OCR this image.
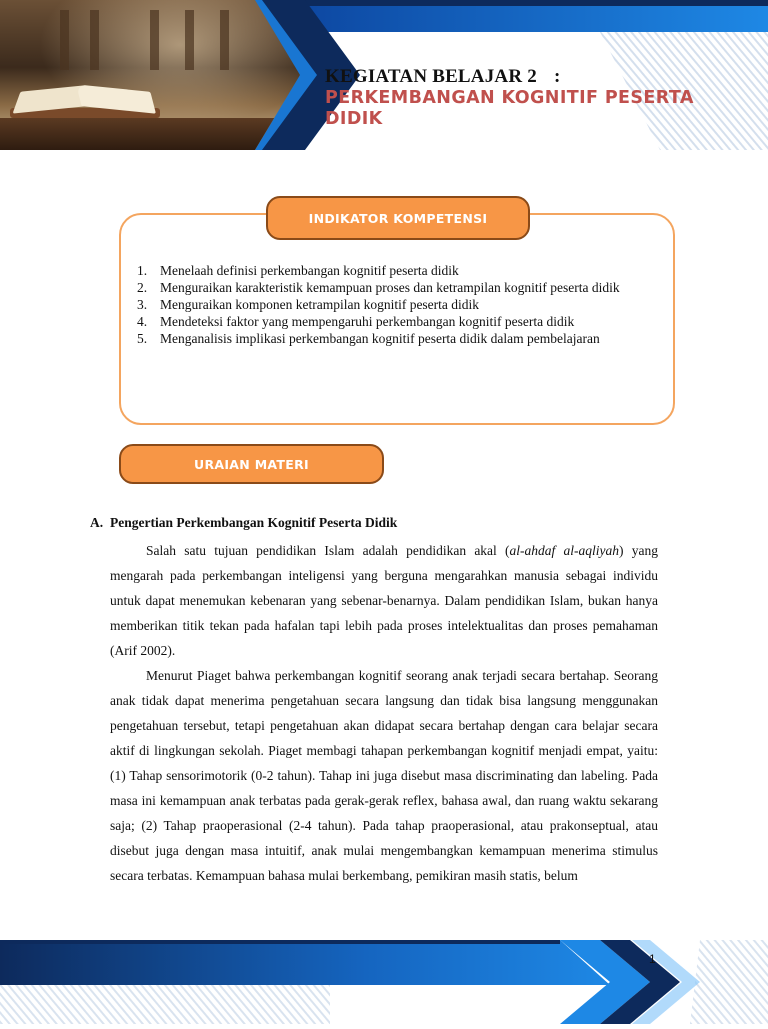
KEGIATAN BELAJAR 2 :
PERKEMBANGAN KOGNITIF PESERTA DIDIK
INDIKATOR KOMPETENSI
1. Menelaah definisi perkembangan kognitif peserta didik
2. Menguraikan karakteristik kemampuan proses dan ketrampilan kognitif peserta didik
3. Menguraikan komponen ketrampilan kognitif peserta didik
4. Mendeteksi faktor yang mempengaruhi perkembangan kognitif peserta didik
5. Menganalisis implikasi perkembangan kognitif peserta didik dalam pembelajaran
URAIAN MATERI
A. Pengertian Perkembangan Kognitif Peserta Didik

Salah satu tujuan pendidikan Islam adalah pendidikan akal (al-ahdaf al-aqliyah) yang mengarah pada perkembangan inteligensi yang berguna mengarahkan manusia sebagai individu untuk dapat menemukan kebenaran yang sebenar-benarnya. Dalam pendidikan Islam, bukan hanya memberikan titik tekan pada hafalan tapi lebih pada proses intelektualitas dan proses pemahaman (Arif 2002).

Menurut Piaget bahwa perkembangan kognitif seorang anak terjadi secara bertahap. Seorang anak tidak dapat menerima pengetahuan secara langsung dan tidak bisa langsung menggunakan pengetahuan tersebut, tetapi pengetahuan akan didapat secara bertahap dengan cara belajar secara aktif di lingkungan sekolah. Piaget membagi tahapan perkembangan kognitif menjadi empat, yaitu: (1) Tahap sensorimotorik (0-2 tahun). Tahap ini juga disebut masa discriminating dan labeling. Pada masa ini kemampuan anak terbatas pada gerak-gerak reflex, bahasa awal, dan ruang waktu sekarang saja; (2) Tahap praoperasional (2-4 tahun). Pada tahap praoperasional, atau prakonseptual, atau disebut juga dengan masa intuitif, anak mulai mengembangkan kemampuan menerima stimulus secara terbatas. Kemampuan bahasa mulai berkembang, pemikiran masih statis, belum

1
